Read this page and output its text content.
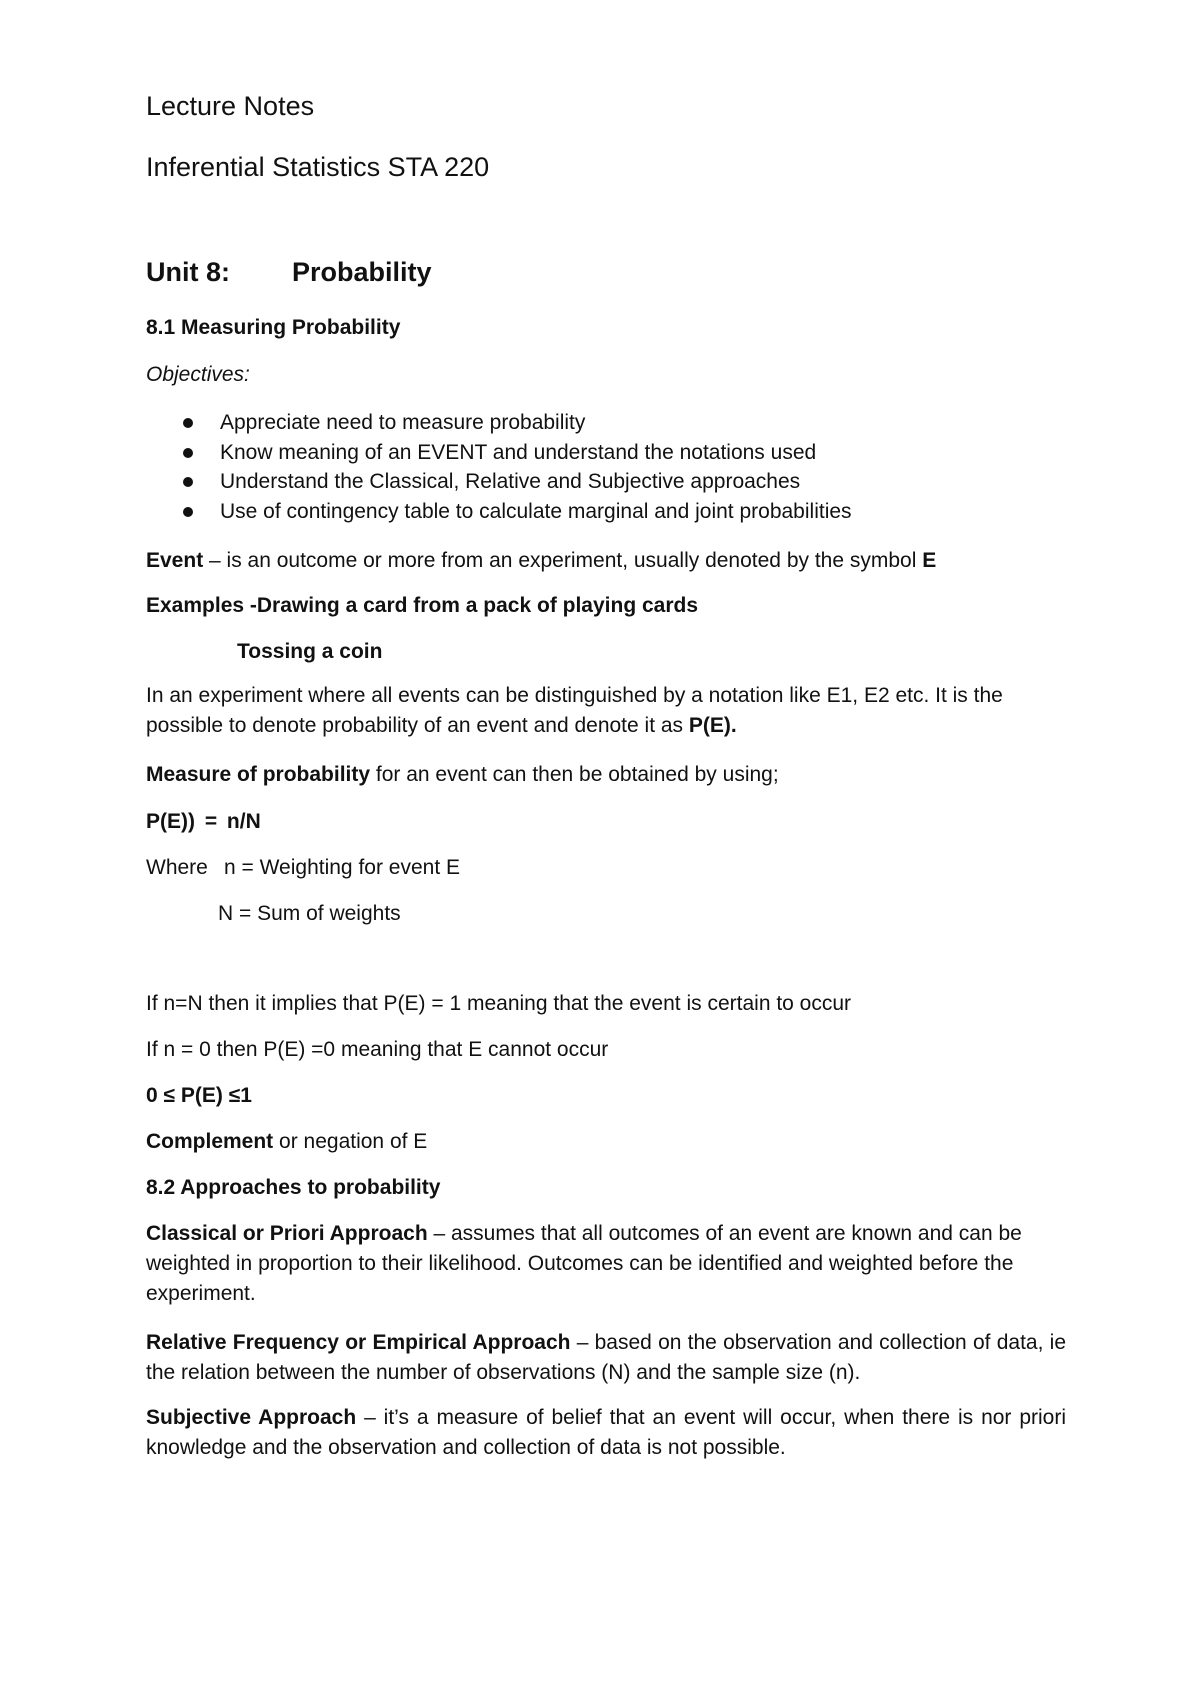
Lecture Notes
Inferential Statistics STA 220
Unit 8: Probability
8.1 Measuring Probability
Objectives:
Appreciate need to measure probability
Know meaning of an EVENT and understand the notations used
Understand the Classical, Relative and Subjective approaches
Use of contingency table to calculate marginal and joint probabilities
Event – is an outcome or more from an experiment, usually denoted by the symbol E
Examples -Drawing a card from a pack of playing cards
Tossing a coin
In an experiment where all events can be distinguished by a notation like E1, E2 etc. It is the possible to denote probability of an event and denote it as P(E).
Measure of probability for an event can then be obtained by using;
P(E)) = n/N
Where n = Weighting for event E
N = Sum of weights
If n=N then it implies that P(E) = 1 meaning that the event is certain to occur
If n = 0 then P(E) =0 meaning that E cannot occur
0 ≤ P(E) ≤1
Complement or negation of E
8.2 Approaches to probability
Classical or Priori Approach – assumes that all outcomes of an event are known and can be weighted in proportion to their likelihood. Outcomes can be identified and weighted before the experiment.
Relative Frequency or Empirical Approach – based on the observation and collection of data, ie the relation between the number of observations (N) and the sample size (n).
Subjective Approach – it’s a measure of belief that an event will occur, when there is nor priori knowledge and the observation and collection of data is not possible.
